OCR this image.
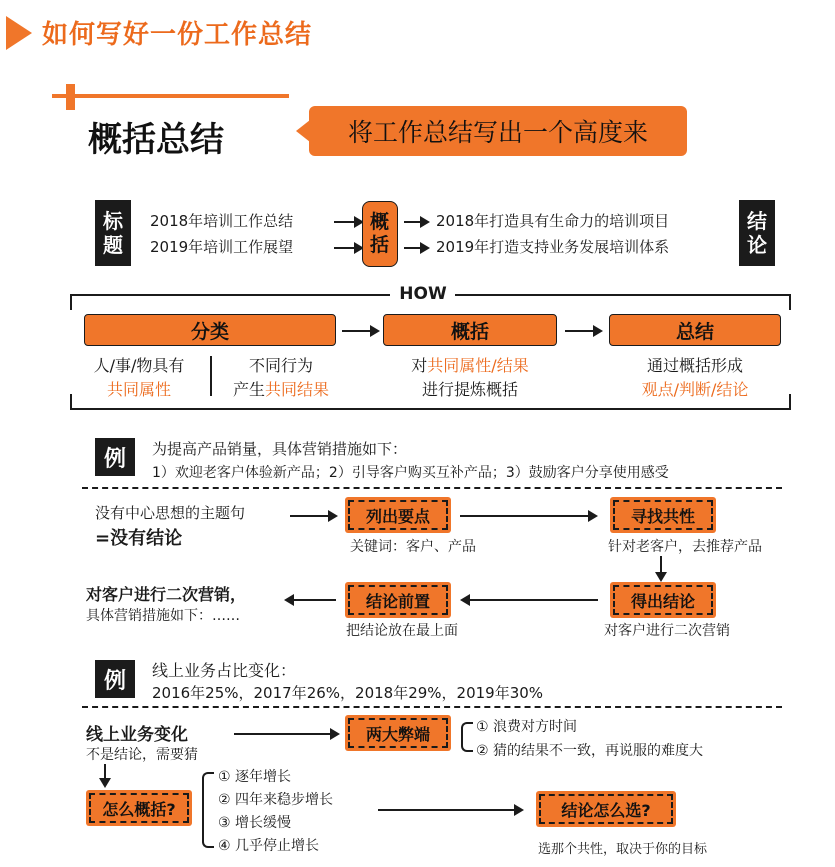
如何写好一份工作总结
概括总结	将工作总结写出一个高度来
标题
2018年培训工作总结
2019年培训工作展望
概括
2018年打造具有生命力的培训项目
2019年打造支持业务发展培训体系
结论
HOW
分类	概括	总结
人/事/物具有
共同属性
不同行为
产生共同结果
对共同属性/结果
进行提炼概括
通过概括形成
观点/判断/结论
例	为提高产品销量，具体营销措施如下：
1）欢迎老客户体验新产品；2）引导客户购买互补产品；3）鼓励客户分享使用感受
没有中心思想的主题句
=没有结论
列出要点
关键词：客户、产品
寻找共性
针对老客户，去推荐产品
得出结论
对客户进行二次营销
结论前置
把结论放在最上面
对客户进行二次营销，
具体营销措施如下：……
例	线上业务占比变化：
2016年25%，2017年26%，2018年29%，2019年30%
线上业务变化
不是结论，需要猜
两大弊端	① 浪费对方时间
② 猜的结果不一致，再说服的难度大
怎么概括?
① 逐年增长
② 四年来稳步增长
③ 增长缓慢
④ 几乎停止增长
结论怎么选?
选那个共性，取决于你的目标
